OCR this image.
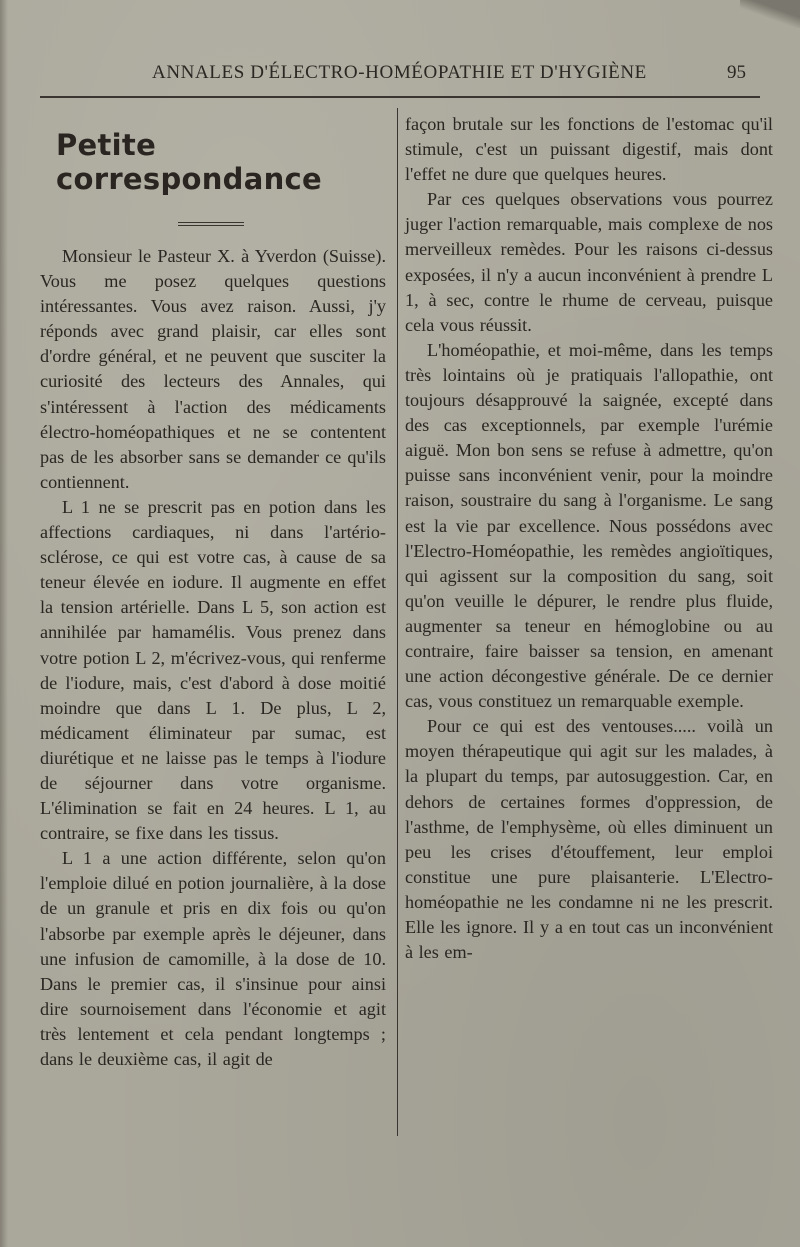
ANNALES D'ÉLECTRO-HOMÉOPATHIE ET D'HYGIÈNE	95
Petite correspondance

Monsieur le Pasteur X. à Yverdon (Suisse). Vous me posez quelques questions intéressantes. Vous avez raison. Aussi, j'y réponds avec grand plaisir, car elles sont d'ordre général, et ne peuvent que susciter la curiosité des lecteurs des Annales, qui s'intéressent à l'action des médicaments électro-homéopathiques et ne se contentent pas de les absorber sans se demander ce qu'ils contiennent.

L 1 ne se prescrit pas en potion dans les affections cardiaques, ni dans l'artério-sclérose, ce qui est votre cas, à cause de sa teneur élevée en iodure. Il augmente en effet la tension artérielle. Dans L 5, son action est annihilée par hamamélis. Vous prenez dans votre potion L 2, m'écrivez-vous, qui renferme de l'iodure, mais, c'est d'abord à dose moitié moindre que dans L 1. De plus, L 2, médicament éliminateur par sumac, est diurétique et ne laisse pas le temps à l'iodure de séjourner dans votre organisme. L'élimination se fait en 24 heures. L 1, au contraire, se fixe dans les tissus.

L 1 a une action différente, selon qu'on l'emploie dilué en potion journalière, à la dose de un granule et pris en dix fois ou qu'on l'absorbe par exemple après le déjeuner, dans une infusion de camomille, à la dose de 10. Dans le premier cas, il s'insinue pour ainsi dire sournoisement dans l'économie et agit très lentement et cela pendant longtemps ; dans le deuxième cas, il agit de

façon brutale sur les fonctions de l'estomac qu'il stimule, c'est un puissant digestif, mais dont l'effet ne dure que quelques heures.

Par ces quelques observations vous pourrez juger l'action remarquable, mais complexe de nos merveilleux remèdes. Pour les raisons ci-dessus exposées, il n'y a aucun inconvénient à prendre L 1, à sec, contre le rhume de cerveau, puisque cela vous réussit.

L'homéopathie, et moi-même, dans les temps très lointains où je pratiquais l'allopathie, ont toujours désapprouvé la saignée, excepté dans des cas exceptionnels, par exemple l'urémie aiguë. Mon bon sens se refuse à admettre, qu'on puisse sans inconvénient venir, pour la moindre raison, soustraire du sang à l'organisme. Le sang est la vie par excellence. Nous possédons avec l'Electro-Homéopathie, les remèdes angioïtiques, qui agissent sur la composition du sang, soit qu'on veuille le dépurer, le rendre plus fluide, augmenter sa teneur en hémoglobine ou au contraire, faire baisser sa tension, en amenant une action décongestive générale. De ce dernier cas, vous constituez un remarquable exemple.

Pour ce qui est des ventouses..... voilà un moyen thérapeutique qui agit sur les malades, à la plupart du temps, par autosuggestion. Car, en dehors de certaines formes d'oppression, de l'asthme, de l'emphysème, où elles diminuent un peu les crises d'étouffement, leur emploi constitue une pure plaisanterie. L'Electro-homéopathie ne les condamne ni ne les prescrit. Elle les ignore. Il y a en tout cas un inconvénient à les em-
